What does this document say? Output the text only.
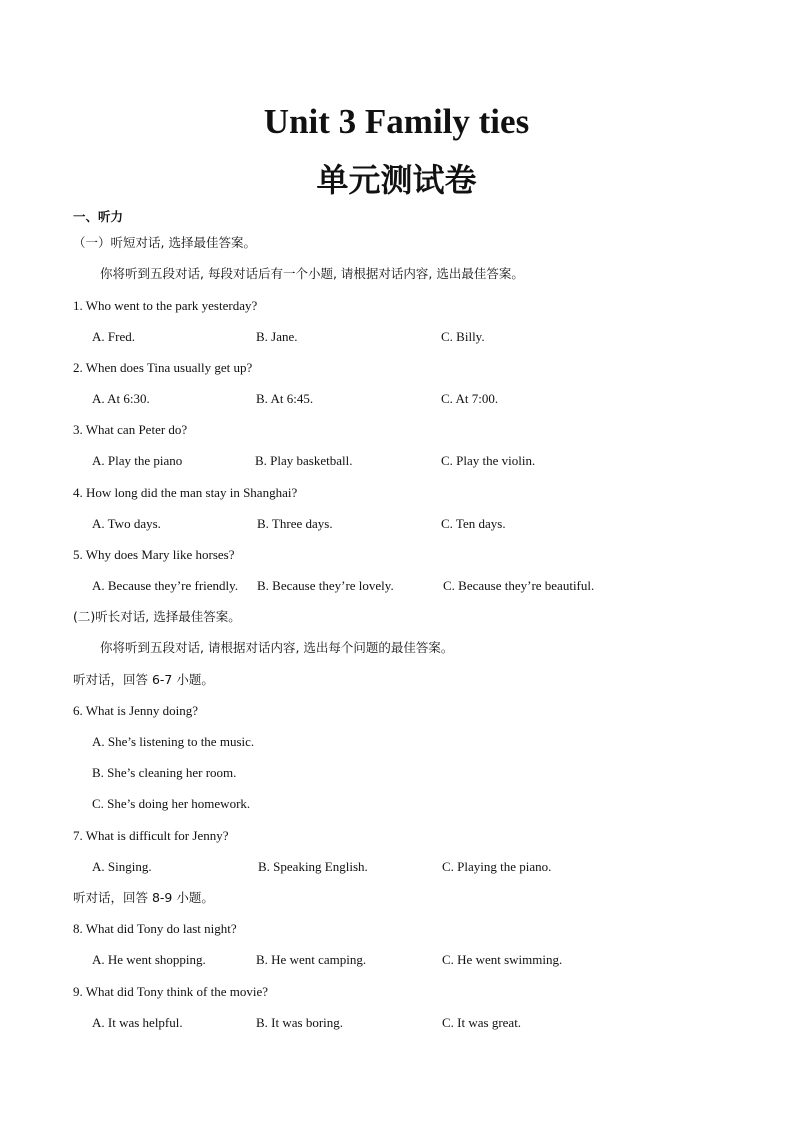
Unit 3 Family ties
单元测试卷
一、听力
（一）听短对话, 选择最佳答案。
你将听到五段对话, 每段对话后有一个小题, 请根据对话内容, 选出最佳答案。
1. Who went to the park yesterday?
A. Fred.	B. Jane.	C. Billy.
2. When does Tina usually get up?
A. At 6:30.	B. At 6:45.	C. At 7:00.
3. What can Peter do?
A. Play the piano	B. Play basketball.	C. Play the violin.
4. How long did the man stay in Shanghai?
A. Two days.	B. Three days.	C. Ten days.
5. Why does Mary like horses?
A. Because they’re friendly. B. Because they’re lovely.	C. Because they’re beautiful.
(二)听长对话, 选择最佳答案。
你将听到五段对话, 请根据对话内容, 选出每个问题的最佳答案。
听对话，回答 6-7 小题。
6. What is Jenny doing?
A. She’s listening to the music.
B. She’s cleaning her room.
C. She’s doing her homework.
7. What is difficult for Jenny?
A. Singing.	B. Speaking English.	C. Playing the piano.
听对话，回答 8-9 小题。
8. What did Tony do last night?
A. He went shopping.	B. He went camping.	C. He went swimming.
9. What did Tony think of the movie?
A. It was helpful.	B. It was boring.	C. It was great.
